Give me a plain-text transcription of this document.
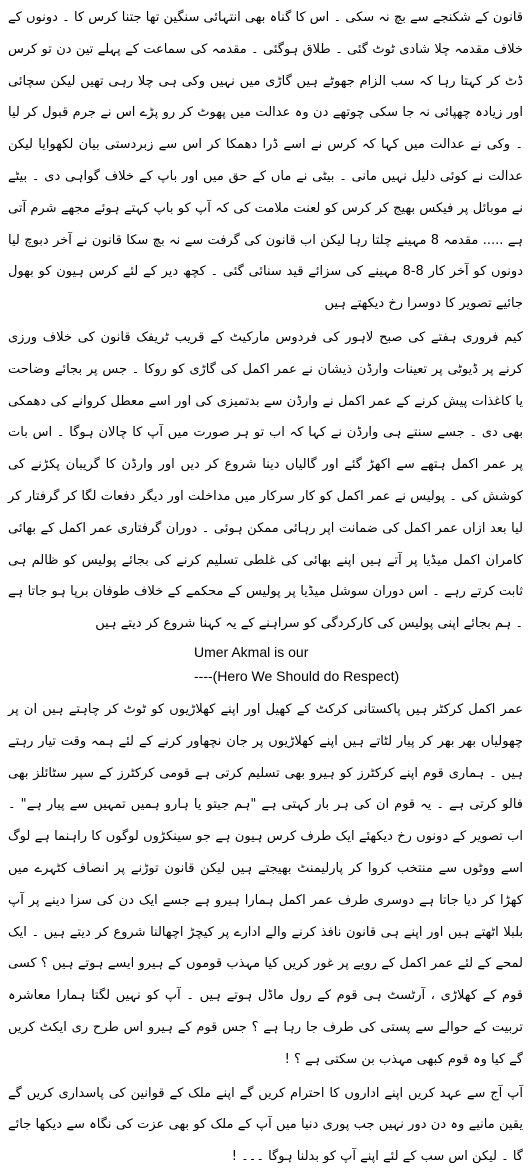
قانون کے شکنجے سے بچ نہ سکی ۔ اس کا گناہ بھی انتہائی سنگین تھا جتنا کرس کا ۔ دونوں کے خلاف مقدمہ چلا شادی ٹوٹ گئی ۔ طلاق ہوگئی ۔ مقدمہ کی سماعت کے پہلے تین دن تو کرس ڈٹ کر کہتا رہا کہ سب الزام جھوٹے ہیں گاڑی میں نہیں وکی ہی چلا رہی تھیں لیکن سچائی اور زیادہ چھپائی نہ جا سکی چوتھے دن وہ عدالت میں پھوٹ کر رو پڑے اس نے جرم قبول کر لیا ۔ وکی نے عدالت میں کہا کہ کرس نے اسے ڈرا دھمکا کر اس سے زبردستی بیان لکھوایا لیکن عدالت نے کوئی دلیل نہیں مانی ۔ بیٹی نے ماں کے حق میں اور باپ کے خلاف گواہی دی ۔ بیٹے نے موبائل پر فیکس بھیج کر کرس کو لعنت ملامت کی کہ آپ کو باپ کہتے ہوئے مجھے شرم آتی ہے ..... مقدمہ 8 مہینے چلتا رہا لیکن اب قانون کی گرفت سے نہ بچ سکا قانون نے آخر دبوچ لیا دونوں کو آخر کار 8-8 مہینے کی سزائے قید سنائی گئی ۔ کچھ دیر کے لئے کرس ہیون کو بھول جائیے تصویر کا دوسرا رخ دیکھتے ہیں

کیم فروری ہفتے کی صبح لاہور کی فردوس مارکیٹ کے قریب ٹریفک قانون کی خلاف ورزی کرنے پر ڈیوٹی پر تعینات وارڈن ذیشان نے عمر اکمل کی گاڑی کو روکا ۔ جس پر بجائے وضاحت یا کاغذات پیش کرنے کے عمر اکمل نے وارڈن سے بدتمیزی کی اور اسے معطل کروانے کی دھمکی بھی دی ۔ جسے سنتے ہی وارڈن نے کہا کہ اب تو ہر صورت میں آپ کا چالان ہوگا ۔ اس بات پر عمر اکمل ہتھے سے اکھڑ گئے اور گالیاں دینا شروع کر دیں اور وارڈن کا گریبان پکڑنے کی کوشش کی ۔ پولیس نے عمر اکمل کو کار سرکار میں مداخلت اور دیگر دفعات لگا کر گرفتار کر لیا بعد ازاں عمر اکمل کی ضمانت اپر رہائی ممکن ہوئی ۔ دوران گرفتاری عمر اکمل کے بھائی کامران اکمل میڈیا پر آتے ہیں اپنے بھائی کی غلطی تسلیم کرنے کی بجائے پولیس کو ظالم ہی ثابت کرتے رہے ۔ اس دوران سوشل میڈیا پر پولیس کے محکمے کے خلاف طوفان برپا ہو جاتا ہے ۔ ہم بجائے اپنی پولیس کی کارکردگی کو سراہنے کے یہ کہنا شروع کر دیتے ہیں

Umer Akmal is our

----(Hero We Should do Respect)

عمر اکمل کرکٹر ہیں پاکستانی کرکٹ کے کھیل اور اپنے کھلاڑیوں کو ٹوٹ کر چاہتے ہیں ان پر چھولیاں بھر بھر کر پیار لٹاتے ہیں اپنے کھلاڑیوں پر جان نچھاور کرنے کے لئے ہمہ وقت تیار رہتے ہیں ۔ ہماری قوم اپنے کرکٹرز کو ہیرو بھی تسلیم کرتی ہے قومی کرکٹرز کے سپر سٹائلز بھی فالو کرتی ہے ۔ یہ قوم ان کی ہر بار کہتی ہے "ہم جیتو یا ہارو ہمیں تمہیں سے پیار ہے" ۔ اب تصویر کے دونوں رخ دیکھئے ایک طرف کرس ہیون ہے جو سینکڑوں لوگوں کا راہنما ہے لوگ اسے ووٹوں سے منتخب کروا کر پارلیمنٹ بھیجتے ہیں لیکن قانون توڑنے پر انصاف کٹہرے میں کھڑا کر دیا جاتا ہے دوسری طرف عمر اکمل ہمارا ہیرو ہے جسے ایک دن کی سزا دینے پر آپ بلبلا اٹھتے ہیں اور اپنے ہی قانون نافذ کرنے والے ادارے پر کیچڑ اچھالنا شروع کر دیتے ہیں ۔ ایک لمحے کے لئے عمر اکمل کے رویے پر غور کریں کیا مہذب قوموں کے ہیرو ایسے ہوتے ہیں ؟ کسی قوم کے کھلاڑی ، آرٹسٹ ہی قوم کے رول ماڈل ہوتے ہیں ۔ آپ کو نہیں لگتا ہمارا معاشرہ تربیت کے حوالے سے پستی کی طرف جا رہا ہے ؟ جس قوم کے ہیرو اس طرح ری ایکٹ کریں گے کیا وہ قوم کبھی مہذب بن سکتی ہے ؟ !

آپ آج سے عہد کریں اپنے اداروں کا احترام کریں گے اپنے ملک کے قوانین کی پاسداری کریں گے یقین مانیے وہ دن دور نہیں جب پوری دنیا میں آپ کے ملک کو بھی عزت کی نگاہ سے دیکھا جائے گا ۔ لیکن اس سب کے لئے اپنے آپ کو بدلنا ہوگا ۔۔۔ !
